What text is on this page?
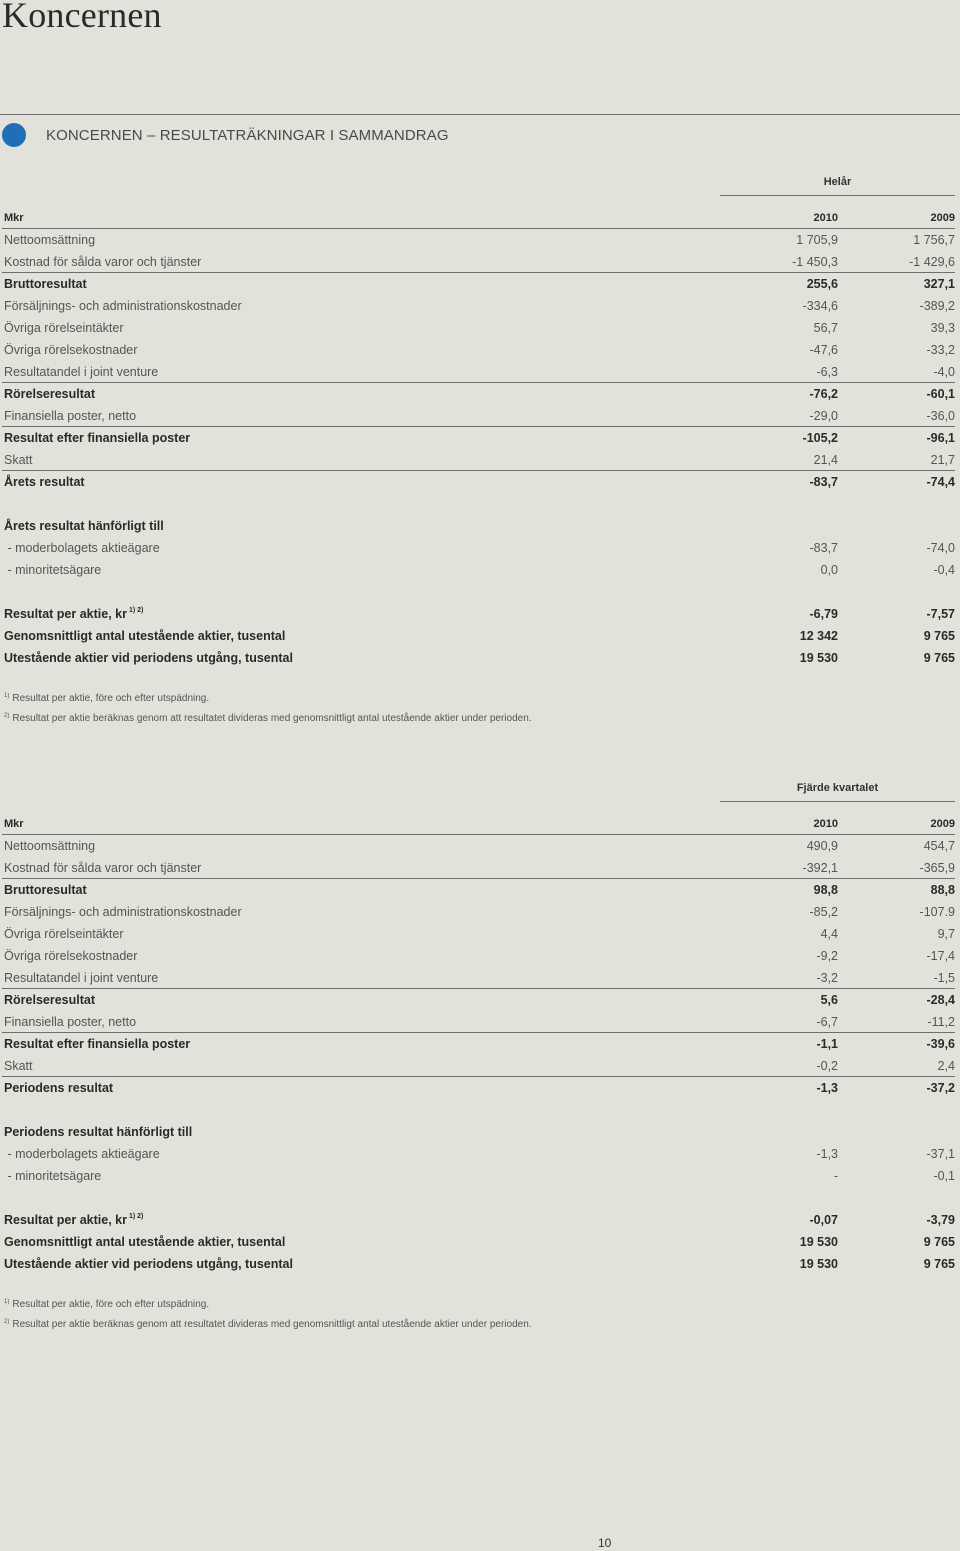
Koncernen
KONCERNEN – RESULTATRÄKNINGAR I SAMMANDRAG
Helår
Mkr	2010	2009
Nettoomsättning	1 705,9	1 756,7
Kostnad för sålda varor och tjänster	-1 450,3	-1 429,6
Bruttoresultat	255,6	327,1
Försäljnings- och administrationskostnader	-334,6	-389,2
Övriga rörelseintäkter	56,7	39,3
Övriga rörelsekostnader	-47,6	-33,2
Resultatandel i joint venture	-6,3	-4,0
Rörelseresultat	-76,2	-60,1
Finansiella poster, netto	-29,0	-36,0
Resultat efter finansiella poster	-105,2	-96,1
Skatt	21,4	21,7
Årets resultat	-83,7	-74,4
Årets resultat hänförligt till
- moderbolagets aktieägare	-83,7	-74,0
- minoritetsägare	0,0	-0,4
Resultat per aktie, kr $^{1) 2)}$	-6,79	-7,57
Genomsnittligt antal utestående aktier, tusental	12 342	9 765
Utestående aktier vid periodens utgång, tusental	19 530	9 765
$^{1)}$ Resultat per aktie, före och efter utspädning.
$^{2)}$ Resultat per aktie beräknas genom att resultatet divideras med genomsnittligt antal utestående aktier under perioden.
Fjärde kvartalet
Mkr	2010	2009
Nettoomsättning	490,9	454,7
Kostnad för sålda varor och tjänster	-392,1	-365,9
Bruttoresultat	98,8	88,8
Försäljnings- och administrationskostnader	-85,2	-107.9
Övriga rörelseintäkter	4,4	9,7
Övriga rörelsekostnader	-9,2	-17,4
Resultatandel i joint venture	-3,2	-1,5
Rörelseresultat	5,6	-28,4
Finansiella poster, netto	-6,7	-11,2
Resultat efter finansiella poster	-1,1	-39,6
Skatt	-0,2	2,4
Periodens resultat	-1,3	-37,2
Periodens resultat hänförligt till
- moderbolagets aktieägare	-1,3	-37,1
- minoritetsägare	-	-0,1
Resultat per aktie, kr $^{1) 2)}$	-0,07	-3,79
Genomsnittligt antal utestående aktier, tusental	19 530	9 765
Utestående aktier vid periodens utgång, tusental	19 530	9 765
$^{1)}$ Resultat per aktie, före och efter utspädning.
$^{2)}$ Resultat per aktie beräknas genom att resultatet divideras med genomsnittligt antal utestående aktier under perioden.
10
